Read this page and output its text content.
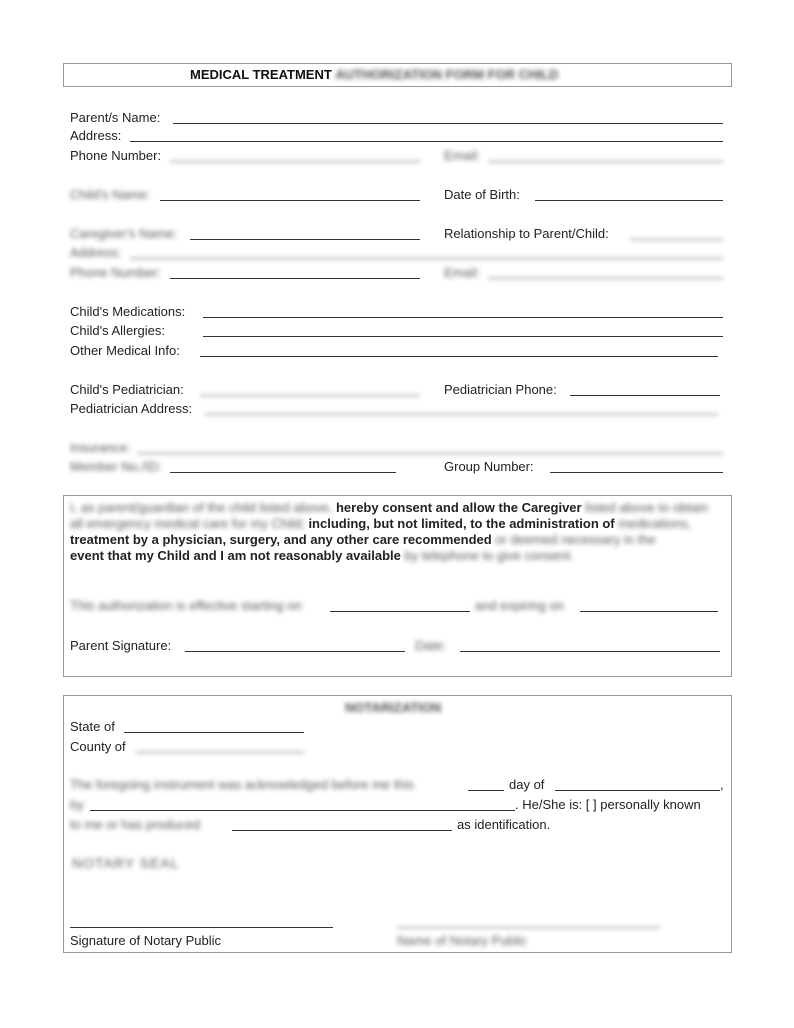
MEDICAL TREATMENT AUTHORIZATION FORM FOR CHILD
Parent/s Name:
Address:
Phone Number:	Email:
Child's Name:	Date of Birth:
Caregiver's Name:	Relationship to Parent/Child:
Address:
Phone Number:	Email:
Child's Medications:
Child's Allergies:
Other Medical Info:
Child's Pediatrician:	Pediatrician Phone:
Pediatrician Address:
Insurance:
Member No./ID:	Group Number:
I, as parent/guardian of the child listed above, hereby consent and allow the Caregiver listed above to obtain
all emergency medical care for my Child; including, but not limited, to the administration of medications,
treatment by a physician, surgery, and any other care recommended or deemed necessary in the
event that my Child and I am not reasonably available by telephone to give consent.
This authorization is effective starting on	and expiring on
Parent Signature:	Date:
NOTARIZATION
State of
County of
The foregoing instrument was acknowledged before me this	day of	,
by	. He/She is: [ ] personally known
to me or has produced	as identification.
NOTARY SEAL
Signature of Notary Public	Name of Notary Public
